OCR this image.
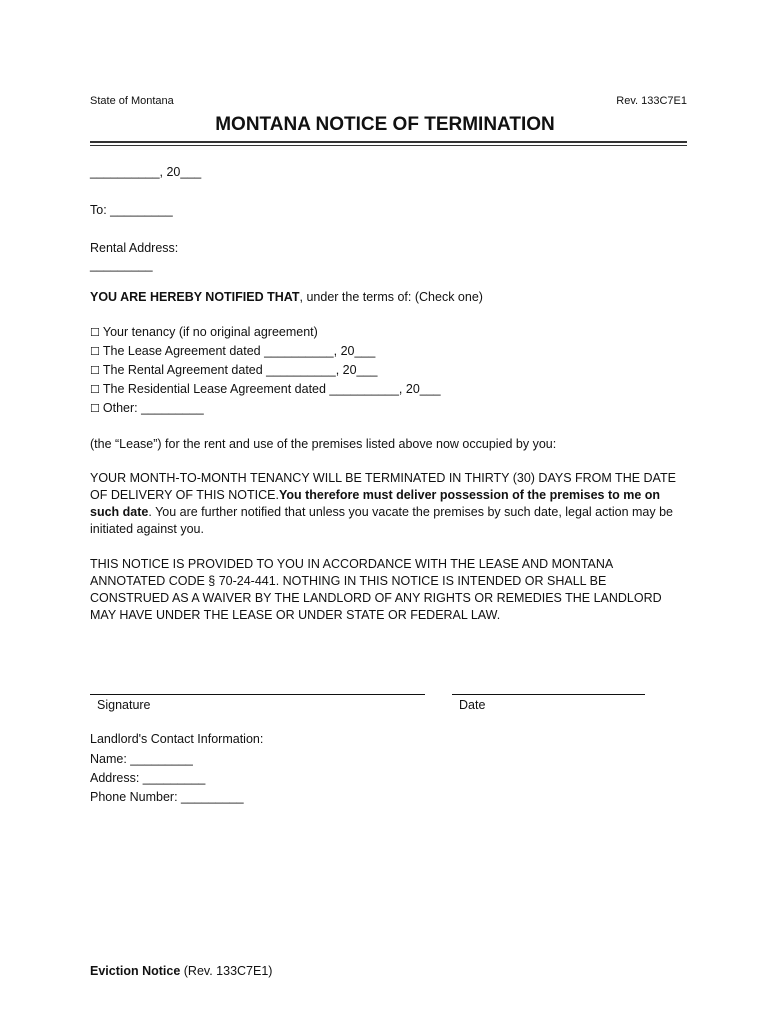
State of Montana	Rev. 133C7E1
MONTANA NOTICE OF TERMINATION
__________, 20___
To: _________
Rental Address:
_________
YOU ARE HEREBY NOTIFIED THAT, under the terms of: (Check one)
☐ Your tenancy (if no original agreement)
☐ The Lease Agreement dated __________, 20___
☐ The Rental Agreement dated __________, 20___
☐ The Residential Lease Agreement dated __________, 20___
☐ Other: _________
(the “Lease”) for the rent and use of the premises listed above now occupied by you:
YOUR MONTH-TO-MONTH TENANCY WILL BE TERMINATED IN THIRTY (30) DAYS FROM THE DATE OF DELIVERY OF THIS NOTICE.You therefore must deliver possession of the premises to me on such date. You are further notified that unless you vacate the premises by such date, legal action may be initiated against you.
THIS NOTICE IS PROVIDED TO YOU IN ACCORDANCE WITH THE LEASE AND MONTANA ANNOTATED CODE § 70-24-441. NOTHING IN THIS NOTICE IS INTENDED OR SHALL BE CONSTRUED AS A WAIVER BY THE LANDLORD OF ANY RIGHTS OR REMEDIES THE LANDLORD MAY HAVE UNDER THE LEASE OR UNDER STATE OR FEDERAL LAW.
Signature	Date
Landlord's Contact Information:
Name: _________
Address: _________
Phone Number: _________
Eviction Notice (Rev. 133C7E1)
